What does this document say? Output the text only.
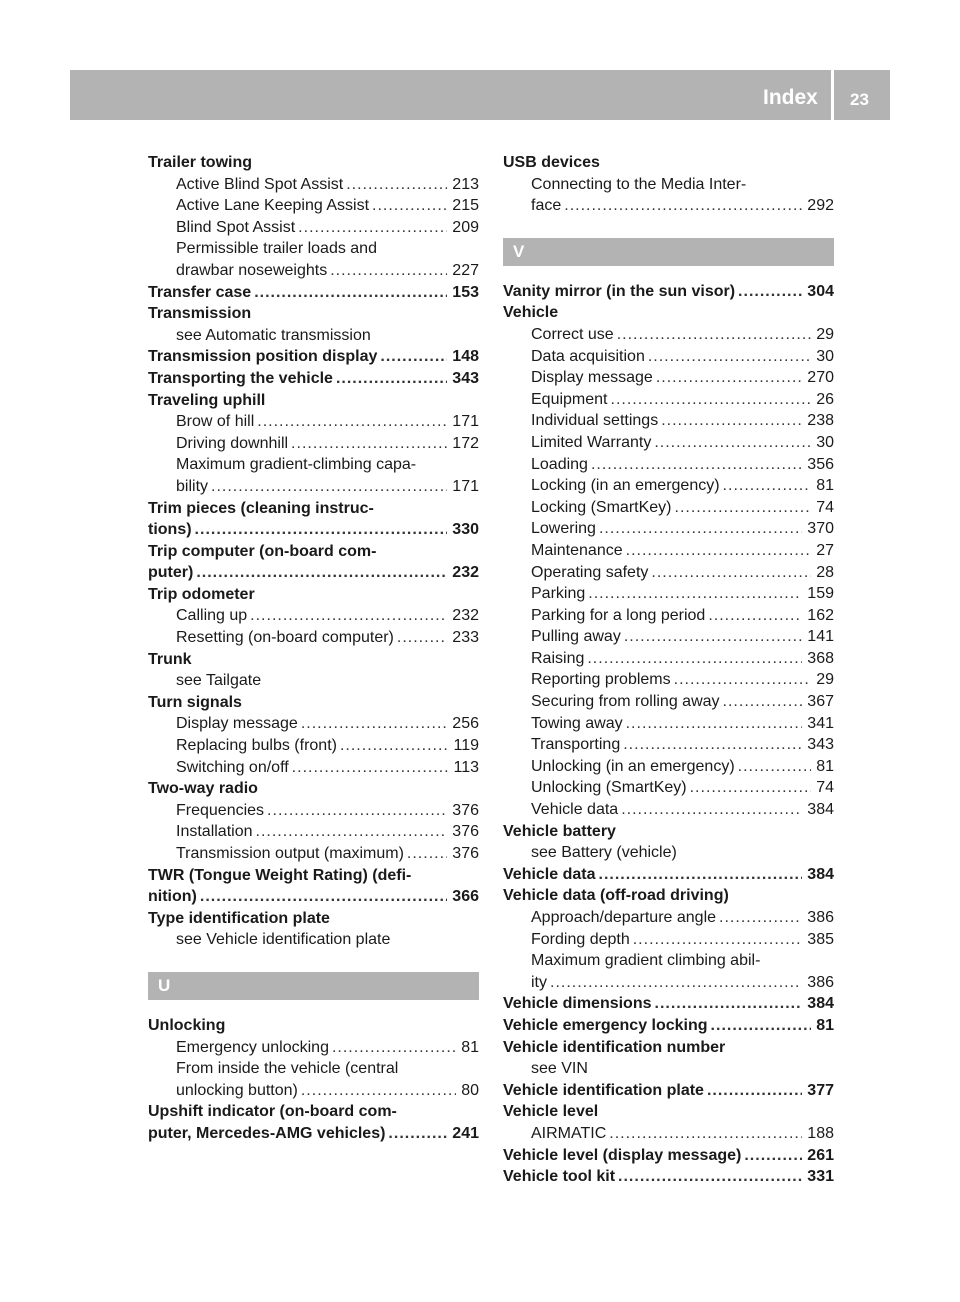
Index 23
Trailer towing
Active Blind Spot Assist .....	213
Active Lane Keeping Assist .....	215
Blind Spot Assist .....	209
Permissible trailer loads and
drawbar noseweights .....	227
Transfer case .....	153
Transmission
see Automatic transmission
Transmission position display .....	148
Transporting the vehicle .....	343
Traveling uphill
Brow of hill .....	171
Driving downhill .....	172
Maximum gradient-climbing capa-
bility .....	171
Trim pieces (cleaning instruc-
tions) .....	330
Trip computer (on-board com-
puter) .....	232
Trip odometer
Calling up .....	232
Resetting (on-board computer) .....	233
Trunk
see Tailgate
Turn signals
Display message .....	256
Replacing bulbs (front) .....	119
Switching on/off .....	113
Two-way radio
Frequencies .....	376
Installation .....	376
Transmission output (maximum) .....	376
TWR (Tongue Weight Rating) (defi-
nition) .....	366
Type identification plate
see Vehicle identification plate
U
Unlocking
Emergency unlocking .....	81
From inside the vehicle (central
unlocking button) .....	80
Upshift indicator (on-board com-
puter, Mercedes-AMG vehicles) .....	241
USB devices
Connecting to the Media Inter-
face .....	292
V
Vanity mirror (in the sun visor) .....	304
Vehicle
Correct use .....	29
Data acquisition .....	30
Display message .....	270
Equipment .....	26
Individual settings .....	238
Limited Warranty .....	30
Loading .....	356
Locking (in an emergency) .....	81
Locking (SmartKey) .....	74
Lowering .....	370
Maintenance .....	27
Operating safety .....	28
Parking .....	159
Parking for a long period .....	162
Pulling away .....	141
Raising .....	368
Reporting problems .....	29
Securing from rolling away .....	367
Towing away .....	341
Transporting .....	343
Unlocking (in an emergency) .....	81
Unlocking (SmartKey) .....	74
Vehicle data .....	384
Vehicle battery
see Battery (vehicle)
Vehicle data .....	384
Vehicle data (off-road driving)
Approach/departure angle .....	386
Fording depth .....	385
Maximum gradient climbing abil-
ity .....	386
Vehicle dimensions .....	384
Vehicle emergency locking .....	81
Vehicle identification number
see VIN
Vehicle identification plate .....	377
Vehicle level
AIRMATIC .....	188
Vehicle level (display message) .....	261
Vehicle tool kit .....	331
